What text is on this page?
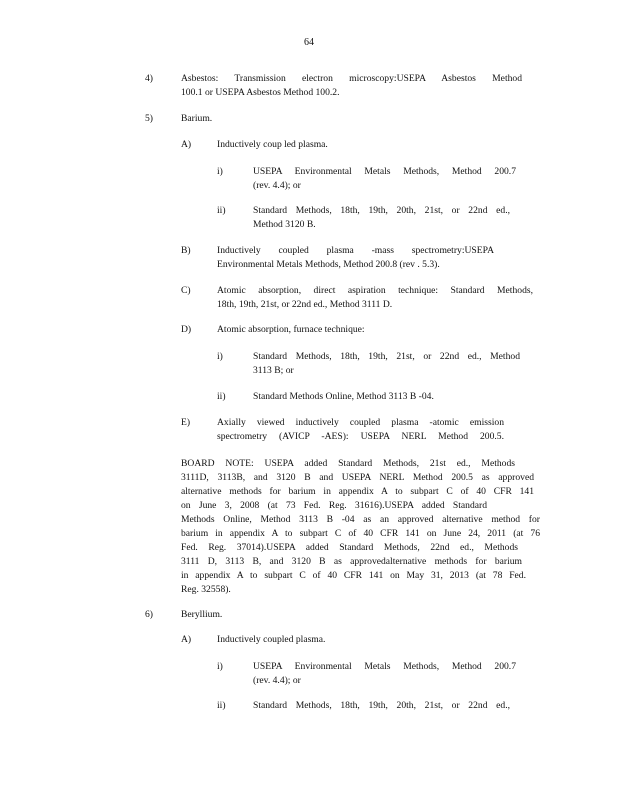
64
4)	Asbestos: Transmission electron microscopy:USEPA Asbestos Method
100.1 or USEPA Asbestos Method 100.2.
5)	Barium.
A)	Inductively coup led plasma.
i)	USEPA Environmental Metals Methods, Method 200.7
(rev. 4.4); or
ii)	Standard Methods, 18th, 19th, 20th, 21st, or 22nd ed.,
Method 3120 B.
B)	Inductively coupled plasma -mass spectrometry:USEPA
Environmental Metals Methods, Method 200.8 (rev . 5.3).
C)	Atomic absorption, direct aspiration technique: Standard Methods,
18th, 19th, 21st, or 22nd ed., Method 3111 D.
D)	Atomic absorption, furnace technique:
i)	Standard Methods, 18th, 19th, 21st, or 22nd ed., Method
3113 B; or
ii)	Standard Methods Online, Method 3113 B -04.
E)	Axially viewed inductively coupled plasma -atomic emission
spectrometry (AVICP -AES): USEPA NERL Method 200.5.
BOARD NOTE: USEPA added Standard Methods, 21st ed., Methods
3111D, 3113B, and 3120 B and USEPA NERL Method 200.5 as approved
alternative methods for barium in appendix A to subpart C of 40 CFR 141
on June 3, 2008 (at 73 Fed. Reg. 31616).USEPA added Standard
Methods Online, Method 3113 B -04 as an approved alternative method for
barium in appendix A to subpart C of 40 CFR 141 on June 24, 2011 (at 76
Fed. Reg. 37014).USEPA added Standard Methods, 22nd ed., Methods
3111 D, 3113 B, and 3120 B as approvedalternative methods for barium
in appendix A to subpart C of 40 CFR 141 on May 31, 2013 (at 78 Fed.
Reg. 32558).
6)	Beryllium.
A)	Inductively coupled plasma.
i)	USEPA Environmental Metals Methods, Method 200.7
(rev. 4.4); or
ii)	Standard Methods, 18th, 19th, 20th, 21st, or 22nd ed.,
